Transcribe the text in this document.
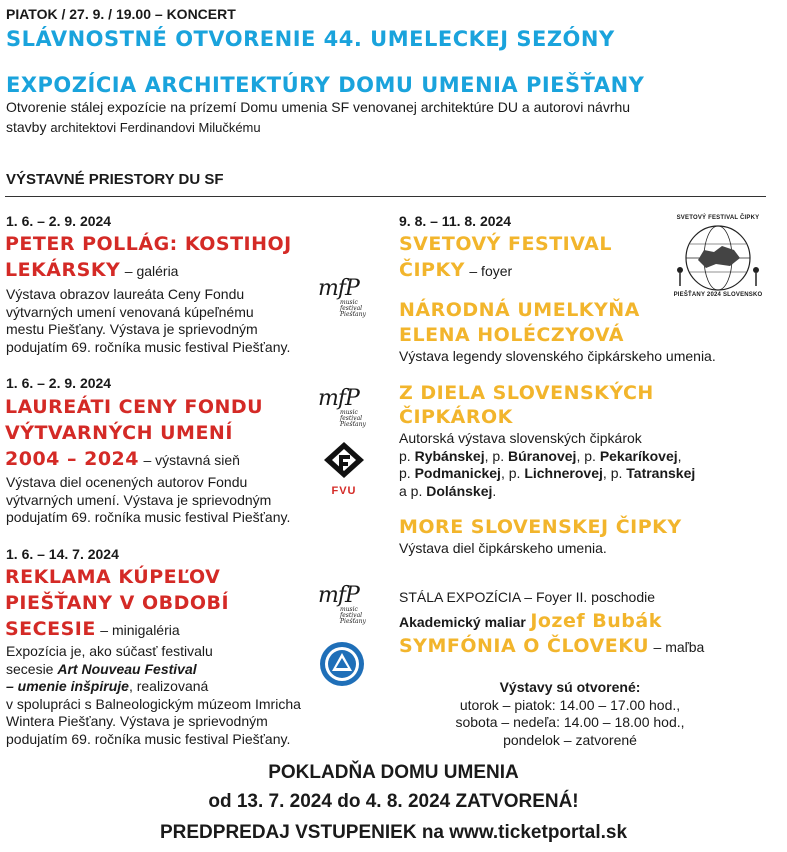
PIATOK / 27. 9. / 19.00 – KONCERT
SLÁVNOSTNÉ OTVORENIE 44. UMELECKEJ SEZÓNY
EXPOZÍCIA ARCHITEKTÚRY DOMU UMENIA PIEŠŤANY
Otvorenie stálej expozície na prízemí Domu umenia SF venovanej architektúre DU a autorovi návrhu
stavby architektovi Ferdinandovi Milučkému
VÝSTAVNÉ PRIESTORY DU SF
1. 6. – 2. 9. 2024
PETER POLLÁG: KOSTIHOJ
LEKÁRSKY – galéria
Výstava obrazov laureáta Ceny Fondu
výtvarných umení venovaná kúpeľnému
mestu Piešťany. Výstava je sprievodným
podujatím 69. ročníka music festival Piešťany.
1. 6. – 2. 9. 2024
LAUREÁTI CENY FONDU
VÝTVARNÝCH UMENÍ
2004 – 2024 – výstavná sieň
Výstava diel ocenených autorov Fondu
výtvarných umení. Výstava je sprievodným
podujatím 69. ročníka music festival Piešťany.
1. 6. – 14. 7. 2024
REKLAMA KÚPEĽOV
PIEŠŤANY V OBDOBÍ
SECESIE – minigaléria
Expozícia je, ako súčasť festivalu
secesie Art Nouveau Festival
– umenie inšpiruje, realizovaná
v spolupráci s Balneologickým múzeom Imricha
Wintera Piešťany. Výstava je sprievodným
podujatím 69. ročníka music festival Piešťany.
mfP
music
festival
Piešťany
mfP
music
festival
Piešťany
mfP
music
festival
Piešťany
FVU
9. 8. – 11. 8. 2024
SVETOVÝ FESTIVAL
ČIPKY – foyer
SVETOVÝ FESTIVAL ČIPKY
PIEŠŤANY 2024 SLOVENSKO
NÁRODNÁ UMELKYŇA
ELENA HOLÉCZYOVÁ
Výstava legendy slovenského čipkárskeho umenia.
Z DIELA SLOVENSKÝCH
ČIPKÁROK
Autorská výstava slovenských čipkárok
p. Rybánskej, p. Búranovej, p. Pekaríkovej,
p. Podmanickej, p. Lichnerovej, p. Tatranskej
a p. Dolánskej.
MORE SLOVENSKEJ ČIPKY
Výstava diel čipkárskeho umenia.
STÁLA EXPOZÍCIA – Foyer II. poschodie
Akademický maliar Jozef Bubák
SYMFÓNIA O ČLOVEKU – maľba
Výstavy sú otvorené:
utorok – piatok: 14.00 – 17.00 hod.,
sobota – nedeľa: 14.00 – 18.00 hod.,
pondelok – zatvorené
POKLADŇA DOMU UMENIA
od 13. 7. 2024 do 4. 8. 2024 ZATVORENÁ!
PREDPREDAJ VSTUPENIEK na www.ticketportal.sk
